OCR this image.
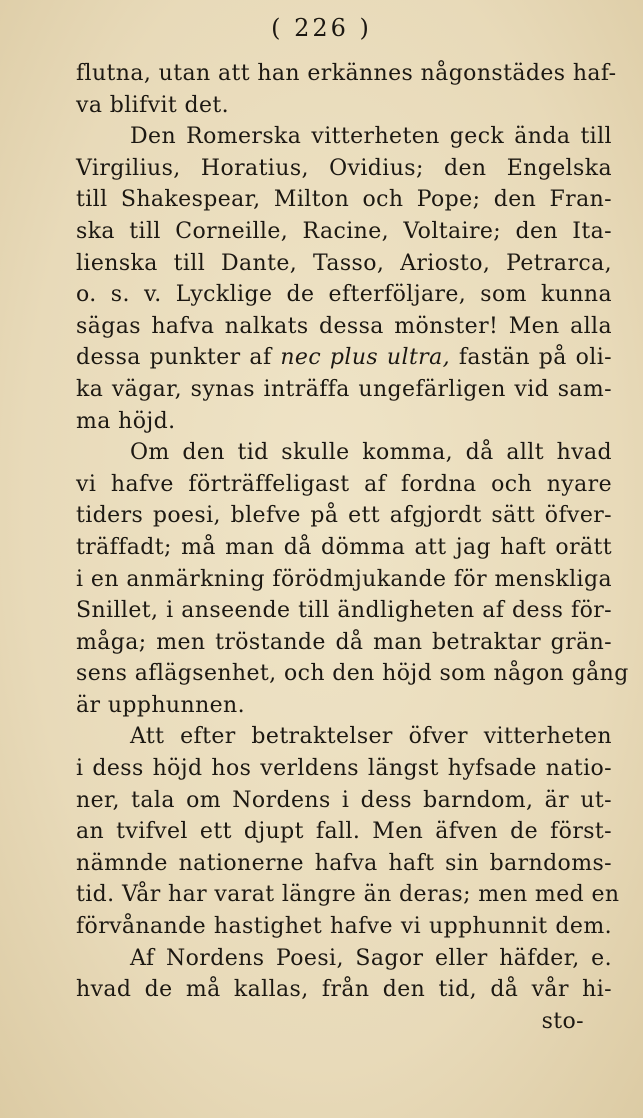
( 226 )
flutna, utan att han erkännes någonstädes haf-
va blifvit det.
Den Romerska vitterheten geck ända till
Virgilius, Horatius, Ovidius; den Engelska
till Shakespear, Milton och Pope; den Fran-
ska till Corneille, Racine, Voltaire; den Ita-
lienska till Dante, Tasso, Ariosto, Petrarca,
o. s. v. Lycklige de efterföljare, som kunna
sägas hafva nalkats dessa mönster! Men alla
dessa punkter af nec plus ultra, fastän på oli-
ka vägar, synas inträffa ungefärligen vid sam-
ma höjd.
Om den tid skulle komma, då allt hvad
vi hafve förträffeligast af fordna och nyare
tiders poesi, blefve på ett afgjordt sätt öfver-
träffadt; må man då dömma att jag haft orätt
i en anmärkning förödmjukande för menskliga
Snillet, i anseende till ändligheten af dess för-
måga; men tröstande då man betraktar grän-
sens aflägsenhet, och den höjd som någon gång
är upphunnen.
Att efter betraktelser öfver vitterheten
i dess höjd hos verldens längst hyfsade natio-
ner, tala om Nordens i dess barndom, är ut-
an tvifvel ett djupt fall. Men äfven de först-
nämnde nationerne hafva haft sin barndoms-
tid. Vår har varat längre än deras; men med en
förvånande hastighet hafve vi upphunnit dem.
Af Nordens Poesi, Sagor eller häfder, e.
hvad de må kallas, från den tid, då vår hi-
sto-
